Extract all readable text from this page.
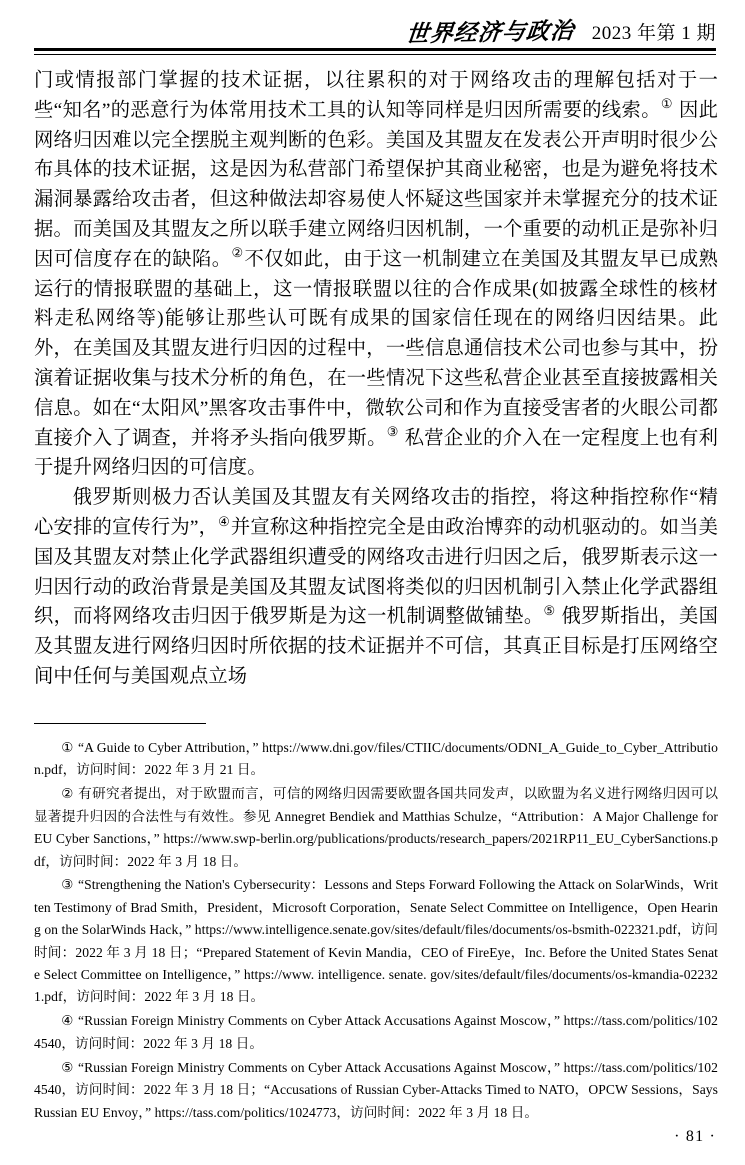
世界经济与政治 2023 年第 1 期

门或情报部门掌握的技术证据，以往累积的对于网络攻击的理解包括对于一些“知名”的恶意行为体常用技术工具的认知等同样是归因所需要的线索。① 因此网络归因难以完全摆脱主观判断的色彩。美国及其盟友在发表公开声明时很少公布具体的技术证据，这是因为私营部门希望保护其商业秘密，也是为避免将技术漏洞暴露给攻击者，但这种做法却容易使人怀疑这些国家并未掌握充分的技术证据。而美国及其盟友之所以联手建立网络归因机制，一个重要的动机正是弥补归因可信度存在的缺陷。②不仅如此，由于这一机制建立在美国及其盟友早已成熟运行的情报联盟的基础上，这一情报联盟以往的合作成果(如披露全球性的核材料走私网络等)能够让那些认可既有成果的国家信任现在的网络归因结果。此外，在美国及其盟友进行归因的过程中，一些信息通信技术公司也参与其中，扮演着证据收集与技术分析的角色，在一些情况下这些私营企业甚至直接披露相关信息。如在“太阳风”黑客攻击事件中，微软公司和作为直接受害者的火眼公司都直接介入了调查，并将矛头指向俄罗斯。③ 私营企业的介入在一定程度上也有利于提升网络归因的可信度。

俄罗斯则极力否认美国及其盟友有关网络攻击的指控，将这种指控称作“精心安排的宣传行为”，④并宣称这种指控完全是由政治博弈的动机驱动的。如当美国及其盟友对禁止化学武器组织遭受的网络攻击进行归因之后，俄罗斯表示这一归因行动的政治背景是美国及其盟友试图将类似的归因机制引入禁止化学武器组织，而将网络攻击归因于俄罗斯是为这一机制调整做铺垫。⑤ 俄罗斯指出，美国及其盟友进行网络归因时所依据的技术证据并不可信，其真正目标是打压网络空间中任何与美国观点立场

① “A Guide to Cyber Attribution，” https://www.dni.gov/files/CTIIC/documents/ODNI_A_Guide_to_Cyber_Attribution.pdf，访问时间：2022 年 3 月 21 日。

② 有研究者提出，对于欧盟而言，可信的网络归因需要欧盟各国共同发声，以欧盟为名义进行网络归因可以显著提升归因的合法性与有效性。参见 Annegret Bendiek and Matthias Schulze，“Attribution：A Major Challenge for EU Cyber Sanctions，” https://www.swp-berlin.org/publications/products/research_papers/2021RP11_EU_CyberSanctions.pdf，访问时间：2022 年 3 月 18 日。

③ “Strengthening the Nation's Cybersecurity：Lessons and Steps Forward Following the Attack on SolarWinds，Written Testimony of Brad Smith，President，Microsoft Corporation，Senate Select Committee on Intelligence，Open Hearing on the SolarWinds Hack，” https://www.intelligence.senate.gov/sites/default/files/documents/os-bsmith-022321.pdf，访问时间：2022 年 3 月 18 日；“Prepared Statement of Kevin Mandia，CEO of FireEye，Inc. Before the United States Senate Select Committee on Intelligence，” https://www. intelligence. senate. gov/sites/default/files/documents/os-kmandia-022321.pdf，访问时间：2022 年 3 月 18 日。

④ “Russian Foreign Ministry Comments on Cyber Attack Accusations Against Moscow，” https://tass.com/politics/1024540，访问时间：2022 年 3 月 18 日。

⑤ “Russian Foreign Ministry Comments on Cyber Attack Accusations Against Moscow，” https://tass.com/politics/1024540，访问时间：2022 年 3 月 18 日；“Accusations of Russian Cyber-Attacks Timed to NATO，OPCW Sessions，Says Russian EU Envoy，” https://tass.com/politics/1024773，访问时间：2022 年 3 月 18 日。

· 81 ·
